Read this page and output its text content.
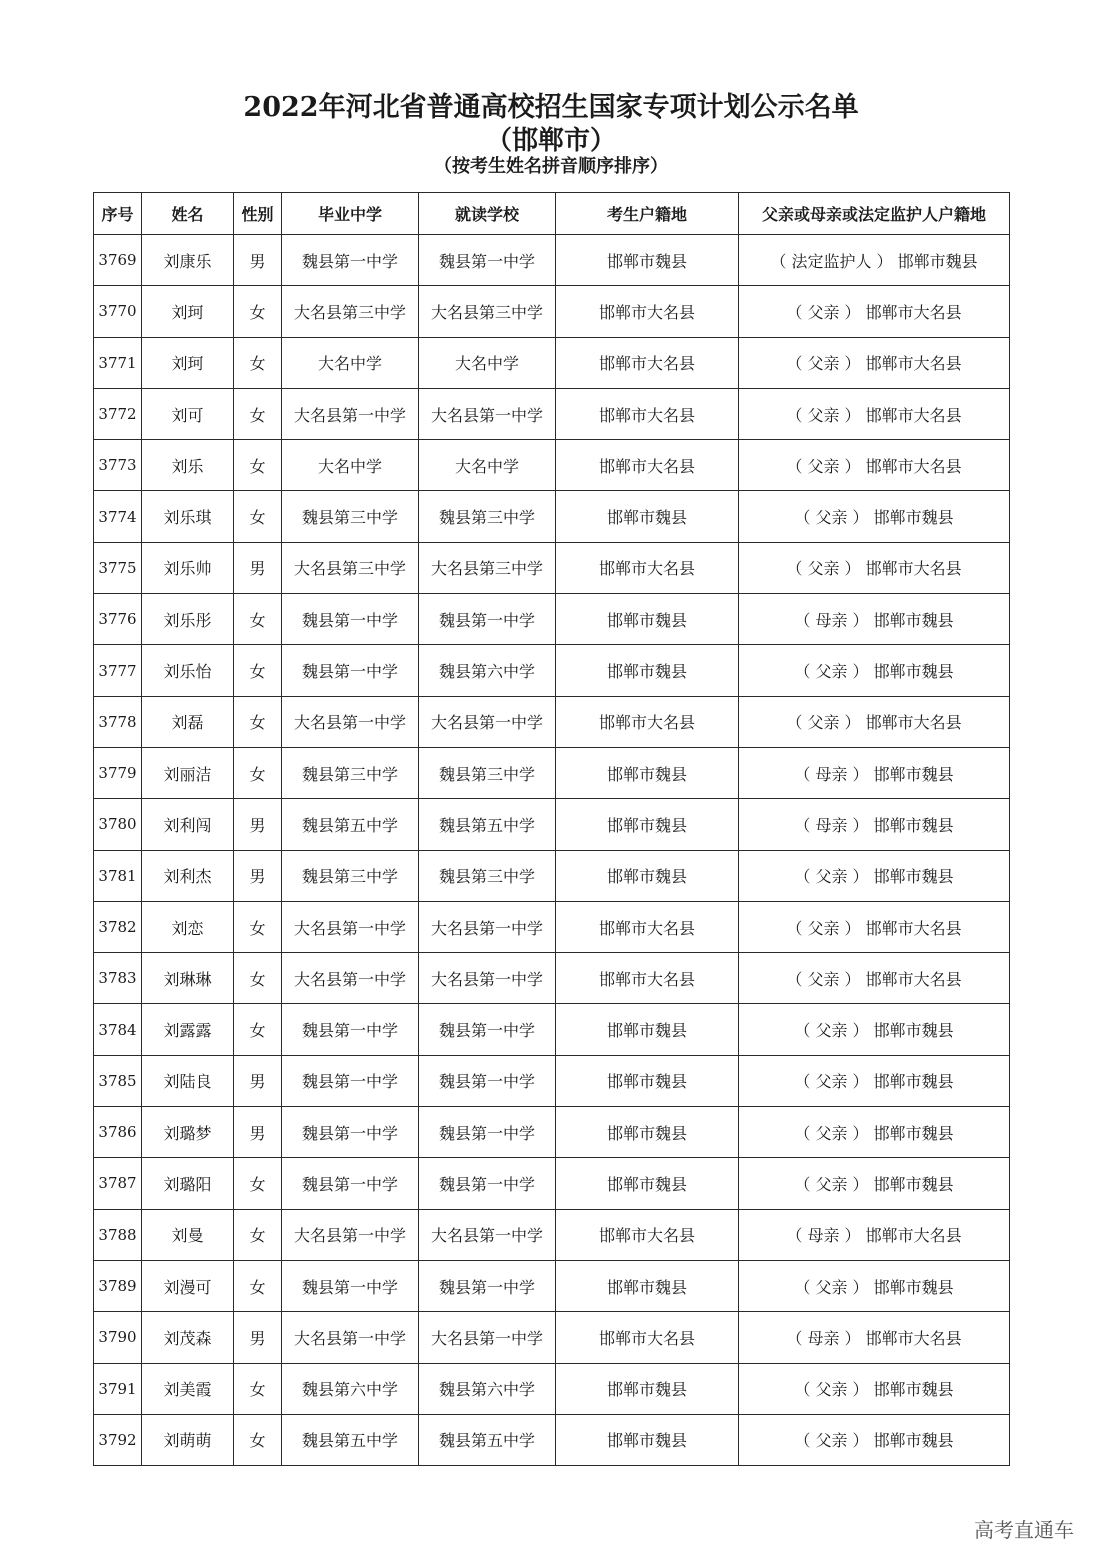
2022年河北省普通高校招生国家专项计划公示名单
（邯郸市）
（按考生姓名拼音顺序排序）
序号	姓名	性别	毕业中学	就读学校	考生户籍地	父亲或母亲或法定监护人户籍地
3769	刘康乐	男	魏县第一中学	魏县第一中学	邯郸市魏县	（ 法定监护人 ） 邯郸市魏县
3770	刘珂	女	大名县第三中学	大名县第三中学	邯郸市大名县	（ 父亲 ） 邯郸市大名县
3771	刘珂	女	大名中学	大名中学	邯郸市大名县	（ 父亲 ） 邯郸市大名县
3772	刘可	女	大名县第一中学	大名县第一中学	邯郸市大名县	（ 父亲 ） 邯郸市大名县
3773	刘乐	女	大名中学	大名中学	邯郸市大名县	（ 父亲 ） 邯郸市大名县
3774	刘乐琪	女	魏县第三中学	魏县第三中学	邯郸市魏县	（ 父亲 ） 邯郸市魏县
3775	刘乐帅	男	大名县第三中学	大名县第三中学	邯郸市大名县	（ 父亲 ） 邯郸市大名县
3776	刘乐彤	女	魏县第一中学	魏县第一中学	邯郸市魏县	（ 母亲 ） 邯郸市魏县
3777	刘乐怡	女	魏县第一中学	魏县第六中学	邯郸市魏县	（ 父亲 ） 邯郸市魏县
3778	刘磊	女	大名县第一中学	大名县第一中学	邯郸市大名县	（ 父亲 ） 邯郸市大名县
3779	刘丽洁	女	魏县第三中学	魏县第三中学	邯郸市魏县	（ 母亲 ） 邯郸市魏县
3780	刘利闯	男	魏县第五中学	魏县第五中学	邯郸市魏县	（ 母亲 ） 邯郸市魏县
3781	刘利杰	男	魏县第三中学	魏县第三中学	邯郸市魏县	（ 父亲 ） 邯郸市魏县
3782	刘恋	女	大名县第一中学	大名县第一中学	邯郸市大名县	（ 父亲 ） 邯郸市大名县
3783	刘琳琳	女	大名县第一中学	大名县第一中学	邯郸市大名县	（ 父亲 ） 邯郸市大名县
3784	刘露露	女	魏县第一中学	魏县第一中学	邯郸市魏县	（ 父亲 ） 邯郸市魏县
3785	刘陆良	男	魏县第一中学	魏县第一中学	邯郸市魏县	（ 父亲 ） 邯郸市魏县
3786	刘璐梦	男	魏县第一中学	魏县第一中学	邯郸市魏县	（ 父亲 ） 邯郸市魏县
3787	刘璐阳	女	魏县第一中学	魏县第一中学	邯郸市魏县	（ 父亲 ） 邯郸市魏县
3788	刘曼	女	大名县第一中学	大名县第一中学	邯郸市大名县	（ 母亲 ） 邯郸市大名县
3789	刘漫可	女	魏县第一中学	魏县第一中学	邯郸市魏县	（ 父亲 ） 邯郸市魏县
3790	刘茂森	男	大名县第一中学	大名县第一中学	邯郸市大名县	（ 母亲 ） 邯郸市大名县
3791	刘美霞	女	魏县第六中学	魏县第六中学	邯郸市魏县	（ 父亲 ） 邯郸市魏县
3792	刘萌萌	女	魏县第五中学	魏县第五中学	邯郸市魏县	（ 父亲 ） 邯郸市魏县
高考直通车
